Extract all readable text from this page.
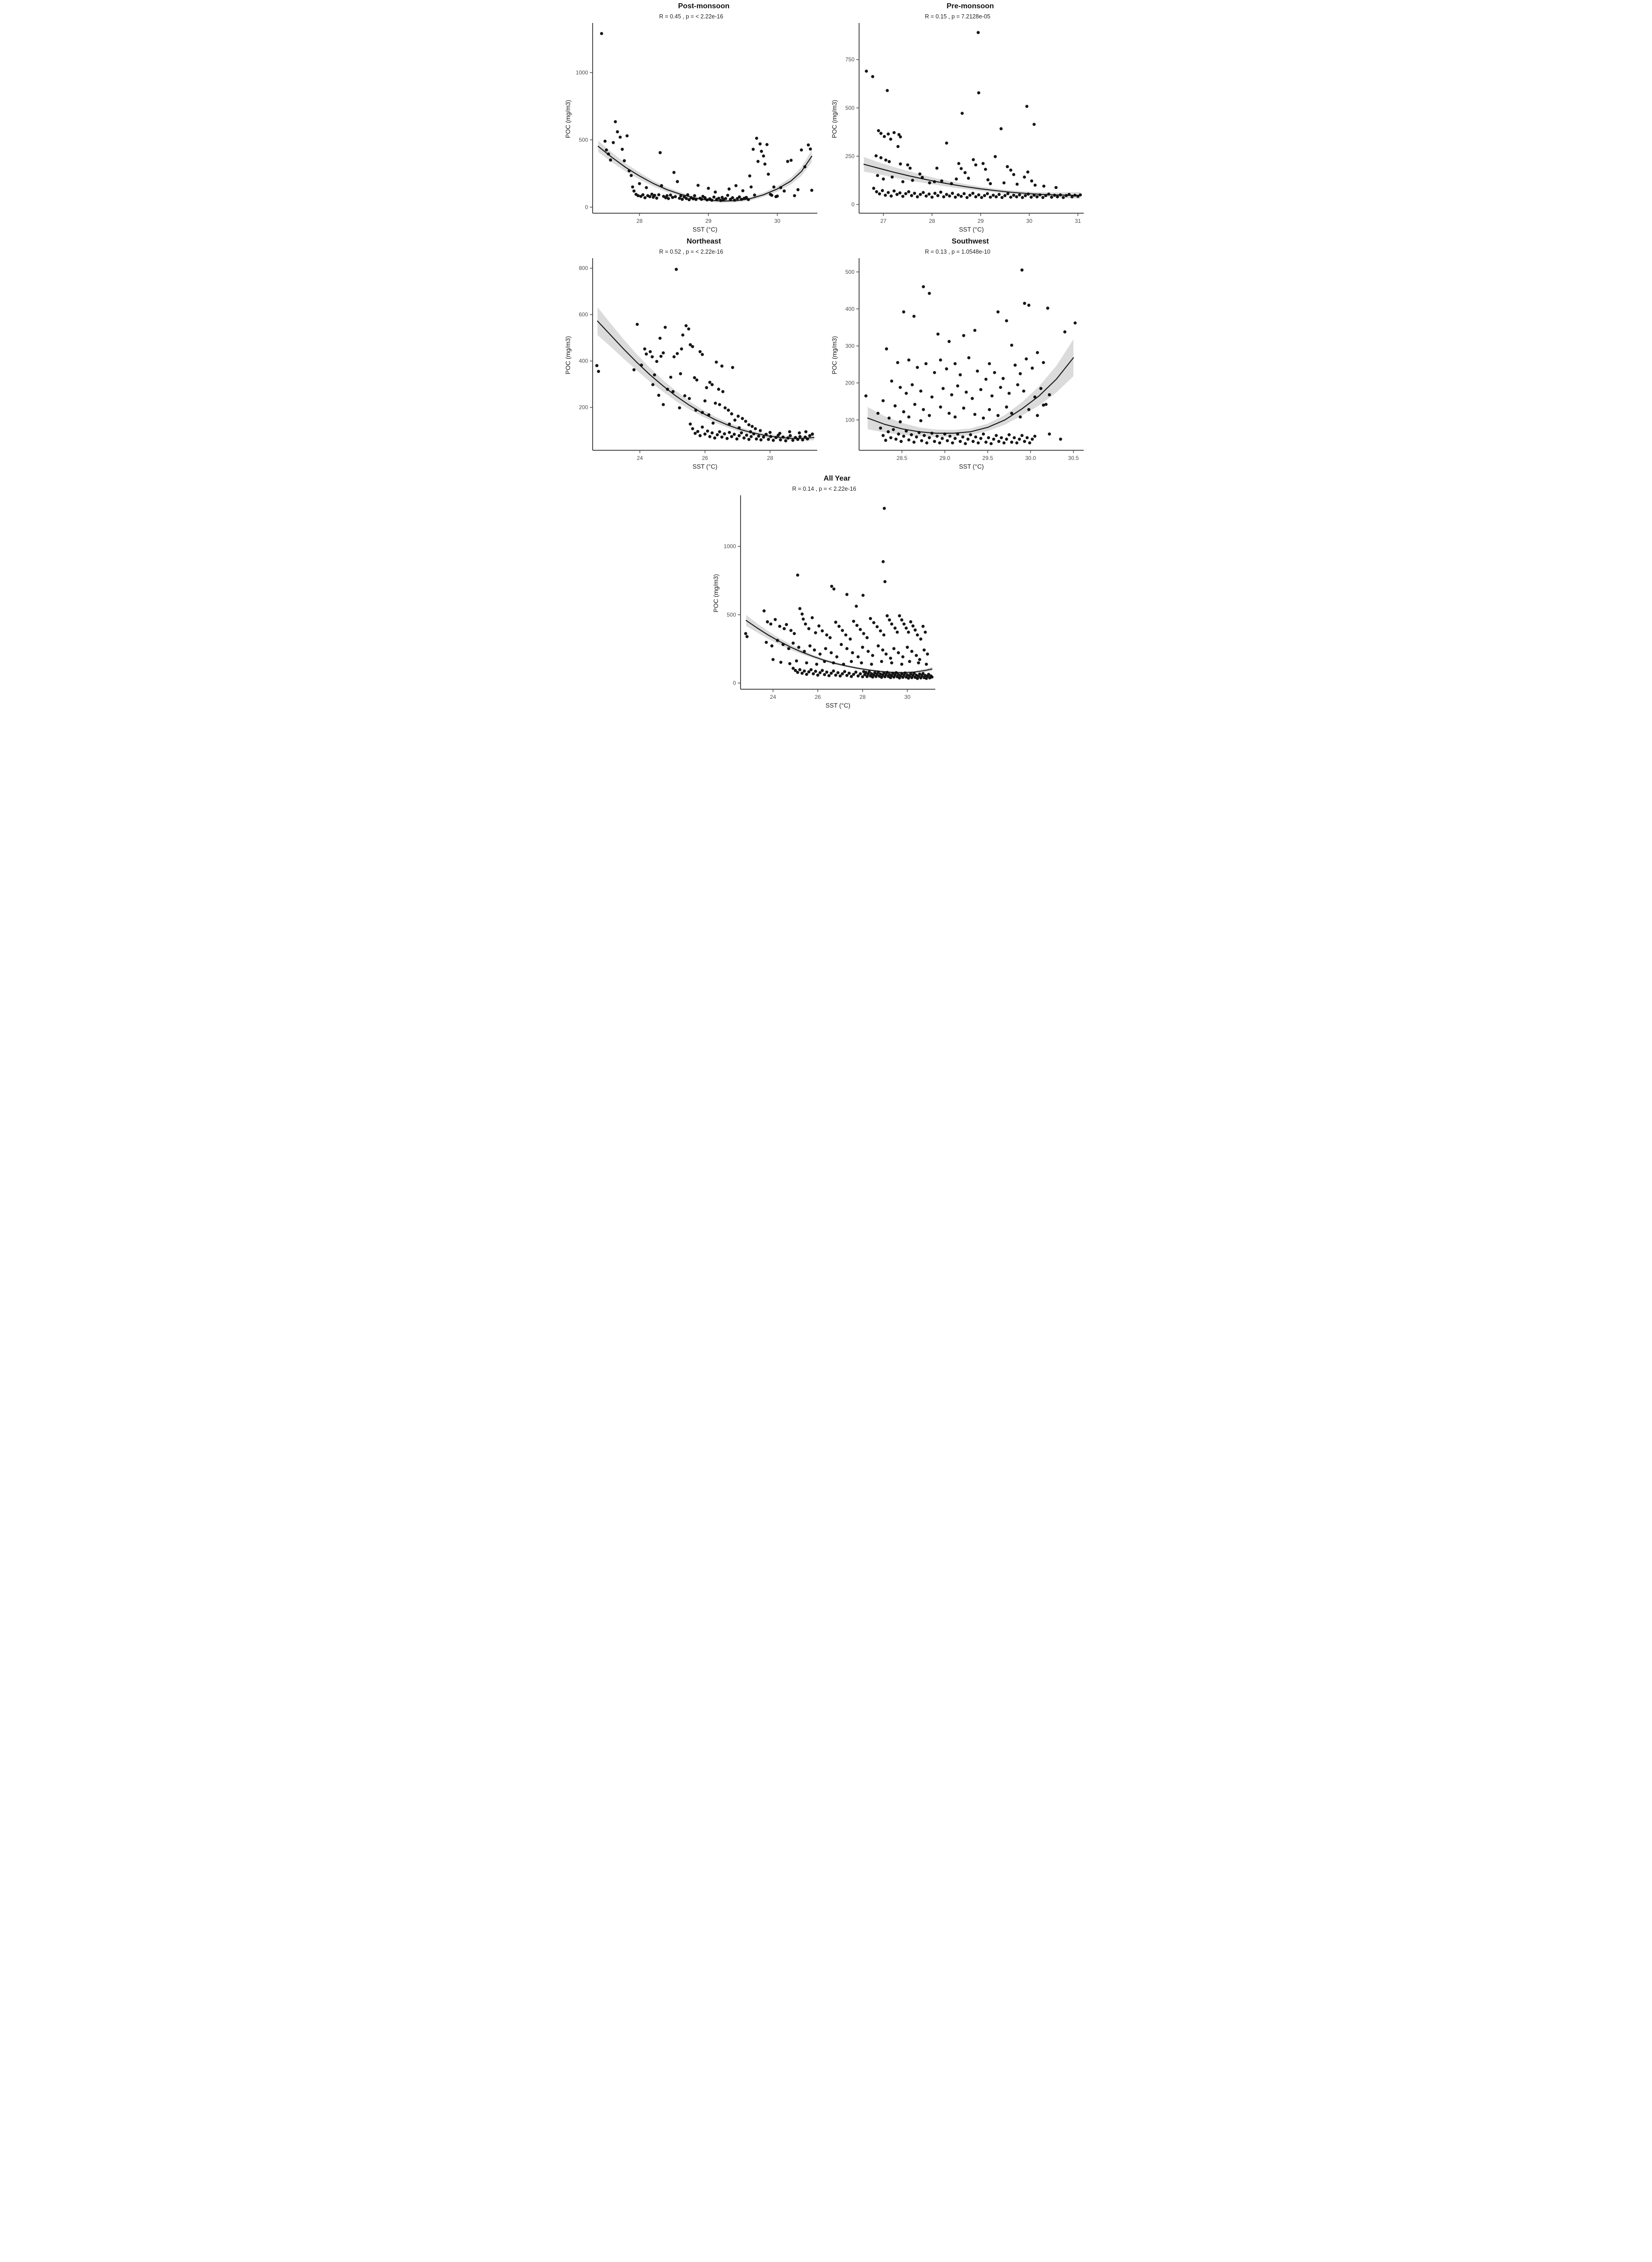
Post-monsoon
28	29	30
0
500
1000
SST (°C)
POC (mg/m3)
R = 0.45 , p = < 2.22e-16
Pre-monsoon
27	28	29	30	31
0
250
500
750
SST (°C)
POC (mg/m3)
R = 0.15 , p = 7.2128e-05
Northeast
24	26	28
200
400
600
800
SST (°C)
POC (mg/m3)
R = 0.52 , p = < 2.22e-16
Southwest
28.5	29.0	29.5	30.0	30.5
100
200
300
400
500
SST (°C)
POC (mg/m3)
R = 0.13 , p = 1.0548e-10
All Year
24	26	28	30
0
500
1000
SST (°C)
POC (mg/m3)
R = 0.14 , p = < 2.22e-16
